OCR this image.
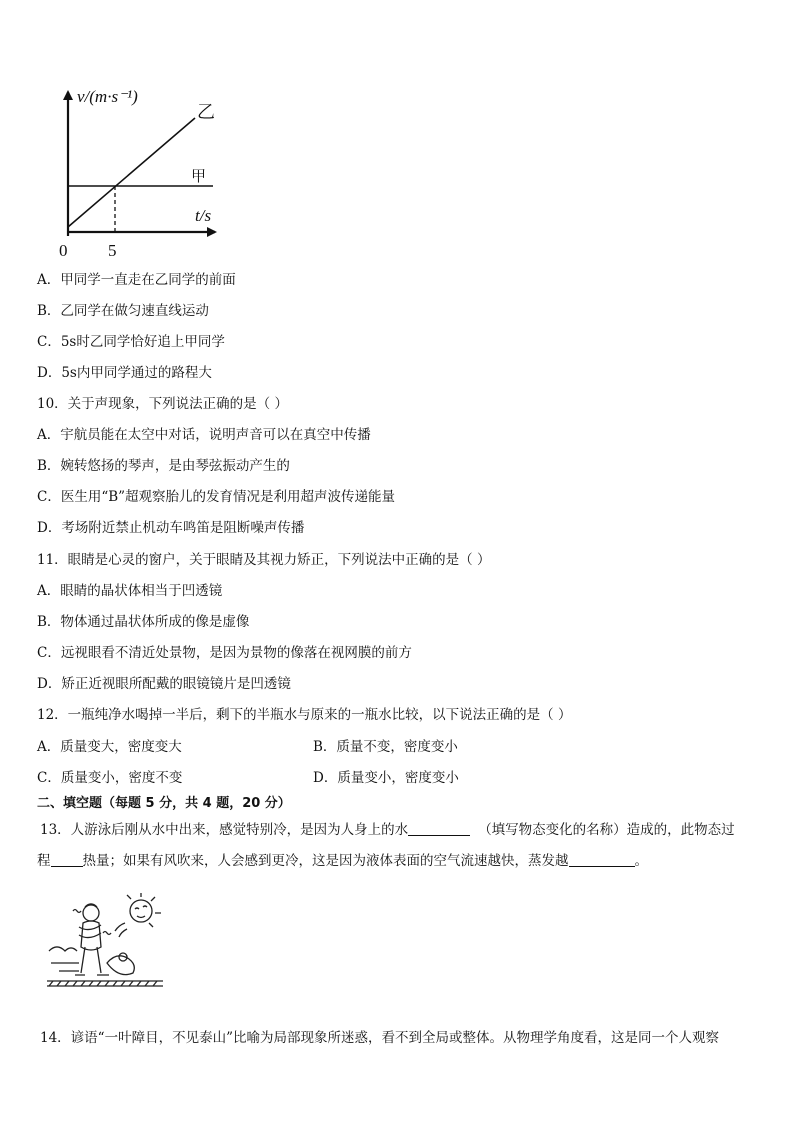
v/(m·s⁻¹)
t/s
0 5
甲
乙
A．甲同学一直走在乙同学的前面
B．乙同学在做匀速直线运动
C．5s时乙同学恰好追上甲同学
D．5s内甲同学通过的路程大
10．关于声现象，下列说法正确的是（ ）
A．宇航员能在太空中对话，说明声音可以在真空中传播
B．婉转悠扬的琴声，是由琴弦振动产生的
C．医生用“B”超观察胎儿的发育情况是利用超声波传递能量
D．考场附近禁止机动车鸣笛是阻断噪声传播
11．眼睛是心灵的窗户，关于眼睛及其视力矫正，下列说法中正确的是（ ）
A．眼睛的晶状体相当于凹透镜
B．物体通过晶状体所成的像是虚像
C．远视眼看不清近处景物，是因为景物的像落在视网膜的前方
D．矫正近视眼所配戴的眼镜镜片是凹透镜
12．一瓶纯净水喝掉一半后，剩下的半瓶水与原来的一瓶水比较，以下说法正确的是（ ）
A．质量变大，密度变大	B．质量不变，密度变小
C．质量变小，密度不变	D．质量变小，密度变小
二、填空题（每题 5 分，共 4 题，20 分）
13．人游泳后刚从水中出来，感觉特别冷，是因为人身上的水	（填写物态变化的名称）造成的，此物态过
程 热量；如果有风吹来，人会感到更冷，这是因为液体表面的空气流速越快，蒸发越	。
14．谚语“一叶障目，不见泰山”比喻为局部现象所迷惑，看不到全局或整体。从物理学角度看，这是同一个人观察
